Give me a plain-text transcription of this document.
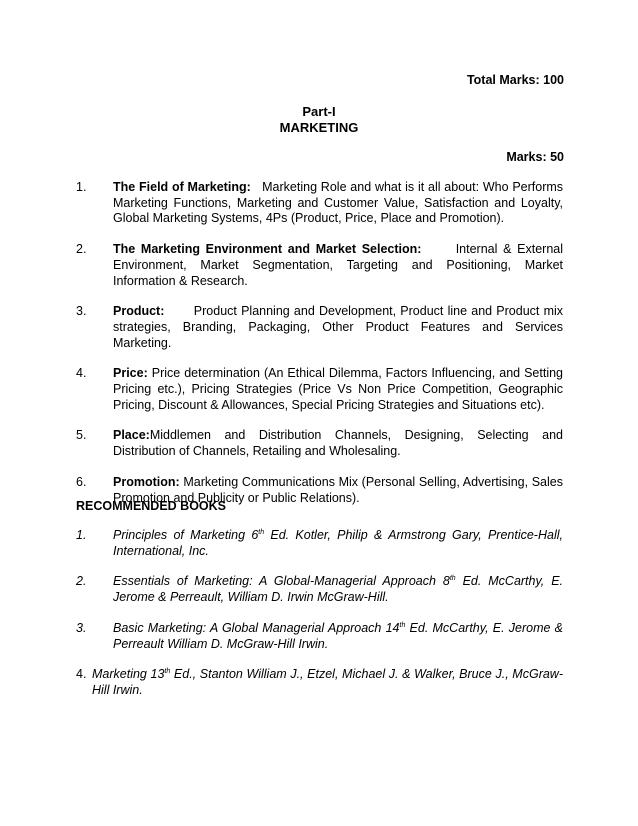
Total Marks: 100
Part-I
MARKETING
Marks: 50
1. The Field of Marketing: Marketing Role and what is it all about: Who Performs Marketing Functions, Marketing and Customer Value, Satisfaction and Loyalty, Global Marketing Systems, 4Ps (Product, Price, Place and Promotion).
2. The Marketing Environment and Market Selection:	Internal & External Environment, Market Segmentation, Targeting and Positioning, Market Information & Research.
3. Product: Product Planning and Development, Product line and Product mix strategies, Branding, Packaging, Other Product Features and Services Marketing.
4. Price: Price determination (An Ethical Dilemma, Factors Influencing, and Setting Pricing etc.), Pricing Strategies (Price Vs Non Price Competition, Geographic Pricing, Discount & Allowances, Special Pricing Strategies and Situations etc).
5. Place:Middlemen and Distribution Channels, Designing, Selecting and Distribution of Channels, Retailing and Wholesaling.
6. Promotion: Marketing Communications Mix (Personal Selling, Advertising, Sales Promotion and Publicity or Public Relations).
RECOMMENDED BOOKS
1. Principles of Marketing 6th Ed. Kotler, Philip & Armstrong Gary, Prentice-Hall, International, Inc.
2. Essentials of Marketing: A Global-Managerial Approach 8th Ed. McCarthy, E. Jerome & Perreault, William D. Irwin McGraw-Hill.
3. Basic Marketing: A Global Managerial Approach 14th Ed. McCarthy, E. Jerome & Perreault William D. McGraw-Hill Irwin.
4. Marketing 13th Ed., Stanton William J., Etzel, Michael J. & Walker, Bruce J., McGraw-Hill Irwin.
